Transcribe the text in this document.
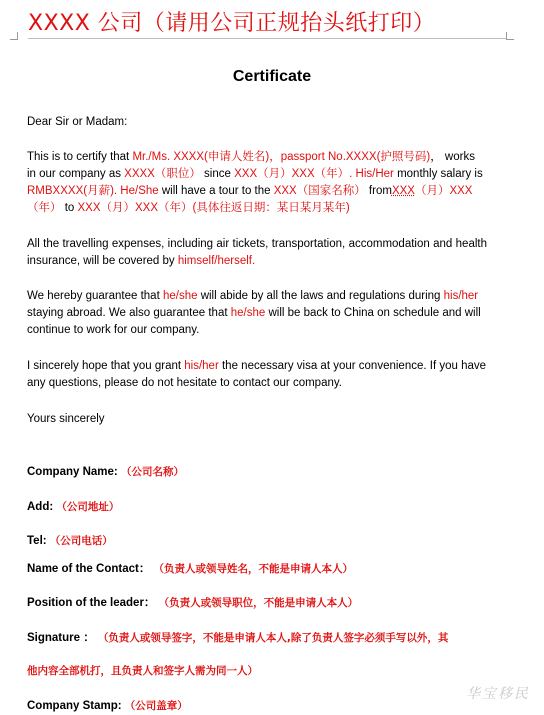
XXXX 公司（请用公司正规抬头纸打印）
Certificate
Dear Sir or Madam:
This is to certify that Mr./Ms. XXXX(申请人姓名)，passport No.XXXX(护照号码)， works in our company as XXXX（职位） since XXX（月）XXX（年）. His/Her monthly salary is RMBXXXX(月薪). He/She will have a tour to the XXX（国家名称） fromXXX（月）XXX（年） to XXX（月）XXX（年）(具体往返日期：某日某月某年)
All the travelling expenses, including air tickets, transportation, accommodation and health insurance, will be covered by himself/herself.
We hereby guarantee that he/she will abide by all the laws and regulations during his/her staying abroad. We also guarantee that he/she will be back to China on schedule and will continue to work for our company.
I sincerely hope that you grant his/her the necessary visa at your convenience. If you have any questions, please do not hesitate to contact our company.
Yours sincerely
Company Name: （公司名称）
Add: （公司地址）
Tel: （公司电话）
Name of the Contact： （负责人或领导姓名，不能是申请人本人）
Position of the leader： （负责人或领导职位，不能是申请人本人）
Signature ： （负责人或领导签字，不能是申请人本人,除了负责人签字必须手写以外，其
他内容全部机打，且负责人和签字人需为同一人）
Company Stamp: （公司盖章）
华宝移民
